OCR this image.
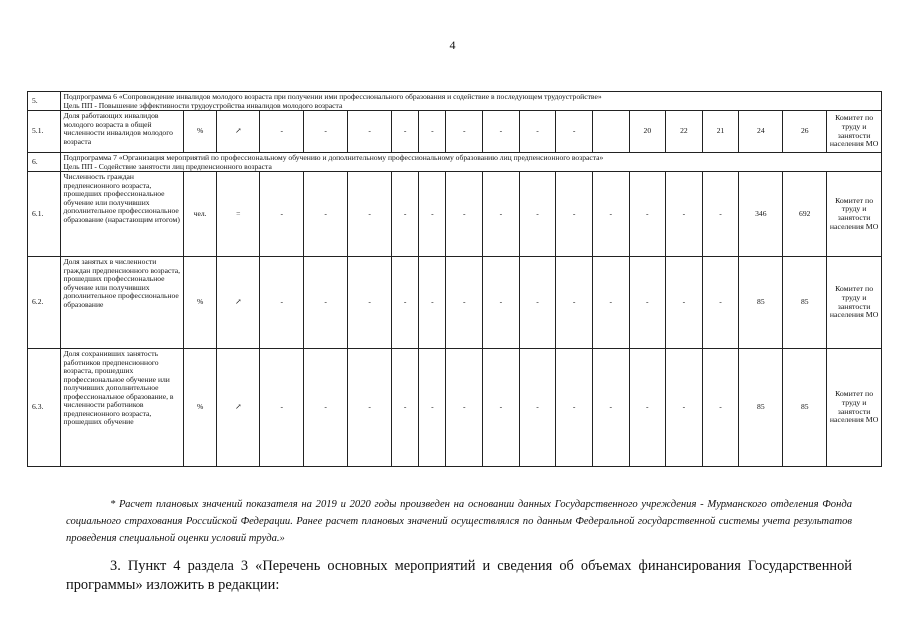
4
5.	Подпрограмма 6 «Сопровождение инвалидов молодого возраста при получении ими профессионального образования и содействие в последующем трудоустройстве»
Цель ПП - Повышение эффективности трудоустройства инвалидов молодого возраста																		

5.1.	Доля работающих инвалидов молодого возраста в общей численности инвалидов молодого возраста	%	↗	-	-	-	-	-	-	-	-	-		20	22	21	24	26	Комитет по труду и занятости населения МО
6.	Подпрограмма 7 «Организация мероприятий по профессиональному обучению и дополнительному профессиональному образованию лиц предпенсионного возраста»
Цель ПП - Содействие занятости лиц предпенсионного возраста																		

6.1.	Численность граждан предпенсионного возраста, прошедших профессиональное обучение или получивших дополнительное профессиональное образование (нарастающим итогом)	чел.	=	-	-	-	-	-	-	-	-	-	-	-	-	-	346	692	Комитет по труду и занятости населения МО
6.2.	Доля занятых в численности граждан предпенсионного возраста, прошедших профессиональное обучение или получивших дополнительное профессиональное образование	%	↗	-	-	-	-	-	-	-	-	-	-	-	-	-	85	85	Комитет по труду и занятости населения МО
6.3.	Доля сохранивших занятость работников предпенсионного возраста, прошедших профессиональное обучение или получивших дополнительное профессиональное образование, в численности работников предпенсионного возраста, прошедших обучение	%	↗	-	-	-	-	-	-	-	-	-	-	-	-	-	85	85	Комитет по труду и занятости населения МО
* Расчет плановых значений показателя на 2019 и 2020 годы произведен на основании данных Государственного учреждения - Мурманского отделения Фонда социального страхования Российской Федерации. Ранее расчет плановых значений осуществлялся по данным Федеральной государственной системы учета результатов проведения специальной оценки условий труда.»
3. Пункт 4 раздела 3 «Перечень основных мероприятий и сведения об объемах финансирования Государственной программы» изложить в редакции:
